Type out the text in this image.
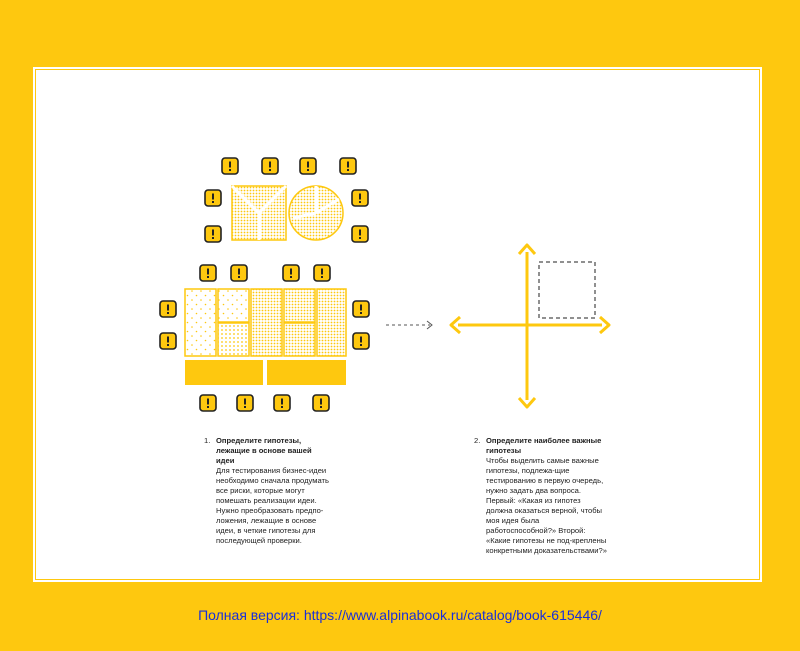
1. Определите гипотезы, лежащие в основе вашей идеи
Для тестирования бизнес-идеи необходимо сначала продумать все риски, которые могут помешать реализации идеи. Нужно преобразовать предпо-ложения, лежащие в основе идеи, в четкие гипотезы для последующей проверки.
2. Определите наиболее важные гипотезы
Чтобы выделить самые важные гипотезы, подлежа-щие тестированию в первую очередь, нужно задать два вопроса. Первый: «Какая из гипотез должна оказаться верной, чтобы моя идея была работоспособной?» Второй: «Какие гипотезы не под-креплены конкретными доказательствами?»
Полная версия: https://www.alpinabook.ru/catalog/book-615446/
